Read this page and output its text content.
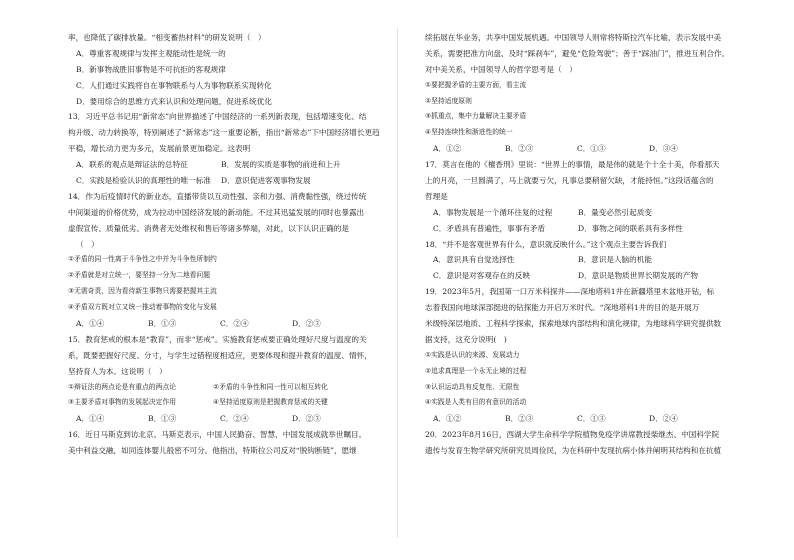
率，也降低了碳排放量。“相变蓄热材料”的研发说明（　）
A．尊重客观规律与发挥主观能动性是统一的
B．新事物战胜旧事物是不可抗拒的客观规律
C．人们通过实践将自在事物联系与人为事物联系实现转化
D．要用综合的思维方式来认识和处理问题，促进系统优化
13．习近平总书记用“新常态”向世界描述了中国经济的一系列新表现，包括增速变化、结
构升级、动力转换等，特别阐述了“新常态”这一重要论断，指出“新常态”下中国经济增长更趋
平稳，增长动力更为多元，发展前景更加稳定。这表明
A．联系的观点是辩证法的总特征	B．发展的实质是事物的前进和上升
C．实践是检验认识的真理性的唯一标准	D．意识促进客观事物发展
14．作为后疫情时代的新业态，直播带货以互动性强、亲和力强、消费黏性强，绕过传统
中间渠道的价格优势，成为拉动中国经济发展的新动能。不过其迅猛发展的同时也暴露出
虚假宣传、质量低劣、消费者无处维权和售后等诸多弊端，对此，以下认识正确的是
（　）
①矛盾的同一性离于斗争性之中并为斗争性所制约
②矛盾就是对立统一，要坚持一分为二地看问题
③无需奇责，因为看待新生事物只需要把握其主流
④矛盾双方既对立又统一推动着事物的变化与发展
A．①④	B．①③	C．②④	D．②③
15．教育惩戒的根本是“教育”，而非“惩戒”。实施教育惩戒要正确处理好尺度与温度的关
系，既要把握好尺度、分寸，与学生过错程度相适应，更要体现和提升教育的温度、情怀，
坚持育人为本。这说明（　）
①辩证法的两点论是有重点的两点论	②矛盾的斗争性和同一性可以相互转化
③主要矛盾对事物的发展起决定作用	④坚持适度原则是把握教育惩戒的关键
A．①④	B．①③	C．②④	D．②③
16．近日马斯克到访北京。马斯克表示，中国人民勤奋、智慧，中国发展成就举世瞩目。
美中利益交融，如同连体婴儿般密不可分。他指出，特斯拉公司反对“脱钩断链”，愿继
续拓展在华业务，共享中国发展机遇。中国领导人则常将特斯拉汽车比喻，表示发展中美
关系，需要把准方向盘、及时“踩刹车”，避免“危险驾驶”；善于“踩油门”，推进互利合作。
对中美关系，中国领导人的哲学思考是（　）
①要把握矛盾的主要方面，看主流
②坚持适度原则
③抓重点，集中力量解决主要矛盾
④坚持连续性和渐进性的统一
A．①②	B．②③	C．①③	D．③④
17．莫言在他的《檀香刑》里说：“世界上的事情，最是伟的就是个十全十美，你看那天
上的月亮，一旦圆满了，马上就要亏欠，凡事总要稍留欠缺，才能持恒。”这段话蕴含的
哲理是
A．事物发展是一个循环往复的过程	B．量变必然引起质变
C．矛盾具有普遍性，事事有矛盾	D．事物之间的联系具有多样性
18．“并不是客观世界有什么，意识就反映什么。”这个观点主要告诉我们
A．意识具有自觉选择性	B．意识是人脑的机能
C．意识是对客观存在的反映	D．意识是物质世界长期发展的产物
19．2023年5月，我国第一口万米科探井——深地塔科1井在新疆塔里木盆地开钻，标
志着我国向地球深部挺进的钻探能力开启万米时代。“深地塔科1井的目的是开展万
米级特深层地质、工程科学探索，探索地球内部结构和演化规律，为地球科学研究提供数
据支持，这充分说明(　)
①实践是认识的来源、发展动力
②追求真理是一个永无止境的过程
③认识运动具有反复性、无限性
④实践是人类有目的有意识的活动
A．①②	B．②③	C．①③	D．②④
20．2023年8月16日，西湖大学生命科学学院植物免疫学讲席教授柴继杰、中国科学院
遗传与发育生物学研究所研究员周俭民，为在科研中发现抗病小体并阐明其结构和在抗植
